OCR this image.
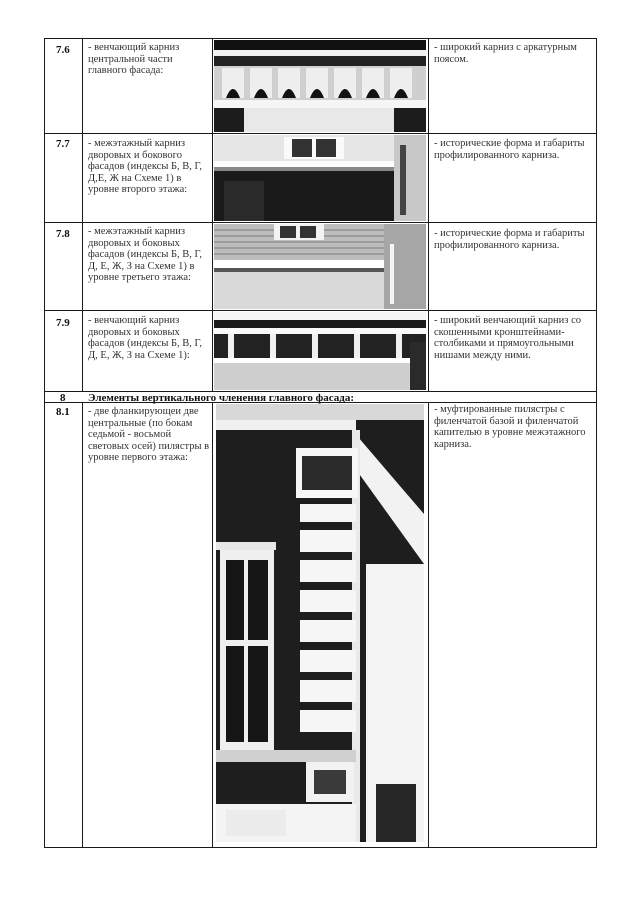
7.6 - венчающий карниз центральной части главного фасада:
- широкий карниз с аркатурным поясом.
7.7 - межэтажный карниз дворовых и бокового фасадов (индексы Б, В, Г, Д,Е, Ж на Схеме 1) в уровне второго этажа:
- исторические форма и габариты профилированного карниза.
7.8 - межэтажный карниз дворовых и боковых фасадов (индексы Б, В, Г, Д, Е, Ж, З на Схеме 1) в уровне третьего этажа:
- исторические форма и габариты профилированного карниза.
7.9 - венчающий карниз дворовых и боковых фасадов (индексы Б, В, Г, Д, Е, Ж, З на Схеме 1):
- широкий венчающий карниз со скошенными кронштейнами-столбиками и прямоугольными нишами между ними.
8 Элементы вертикального членения главного фасада:
8.1 - две фланкирующеи две центральные (по бокам седьмой - восьмой световых осей) пилястры в уровне первого этажа:
- муфтированные пилястры с филенчатой базой и филенчатой капителью в уровне межэтажного карниза.
